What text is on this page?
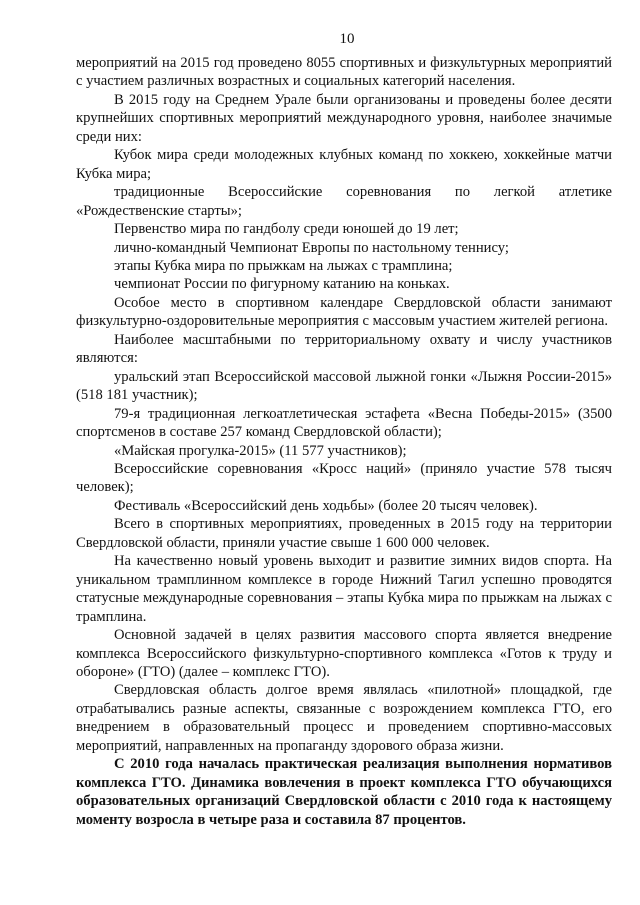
10

мероприятий на 2015 год проведено 8055 спортивных и физкультурных мероприятий с участием различных возрастных и социальных категорий населения.

В 2015 году на Среднем Урале были организованы и проведены более десяти крупнейших спортивных мероприятий международного уровня, наиболее значимые среди них:

Кубок мира среди молодежных клубных команд по хоккею, хоккейные матчи Кубка мира;

традиционные Всероссийские соревнования по легкой атлетике «Рождественские старты»;

Первенство мира по гандболу среди юношей до 19 лет;

лично-командный Чемпионат Европы по настольному теннису;

этапы Кубка мира по прыжкам на лыжах с трамплина;

чемпионат России по фигурному катанию на коньках.

Особое место в спортивном календаре Свердловской области занимают физкультурно-оздоровительные мероприятия с массовым участием жителей региона.

Наиболее масштабными по территориальному охвату и числу участников являются:

уральский этап Всероссийской массовой лыжной гонки «Лыжня России-2015» (518 181 участник);

79-я традиционная легкоатлетическая эстафета «Весна Победы-2015» (3500 спортсменов в составе 257 команд Свердловской области);

«Майская прогулка-2015» (11 577 участников);

Всероссийские соревнования «Кросс наций» (приняло участие 578 тысяч человек);

Фестиваль «Всероссийский день ходьбы» (более 20 тысяч человек).

Всего в спортивных мероприятиях, проведенных в 2015 году на территории Свердловской области, приняли участие свыше 1 600 000 человек.

На качественно новый уровень выходит и развитие зимних видов спорта. На уникальном трамплинном комплексе в городе Нижний Тагил успешно проводятся статусные международные соревнования – этапы Кубка мира по прыжкам на лыжах с трамплина.

Основной задачей в целях развития массового спорта является внедрение комплекса Всероссийского физкультурно-спортивного комплекса «Готов к труду и обороне» (ГТО) (далее – комплекс ГТО).

Свердловская область долгое время являлась «пилотной» площадкой, где отрабатывались разные аспекты, связанные с возрождением комплекса ГТО, его внедрением в образовательный процесс и проведением спортивно-массовых мероприятий, направленных на пропаганду здорового образа жизни.

С 2010 года началась практическая реализация выполнения нормативов комплекса ГТО. Динамика вовлечения в проект комплекса ГТО обучающихся образовательных организаций Свердловской области с 2010 года к настоящему моменту возросла в четыре раза и составила 87 процентов.
